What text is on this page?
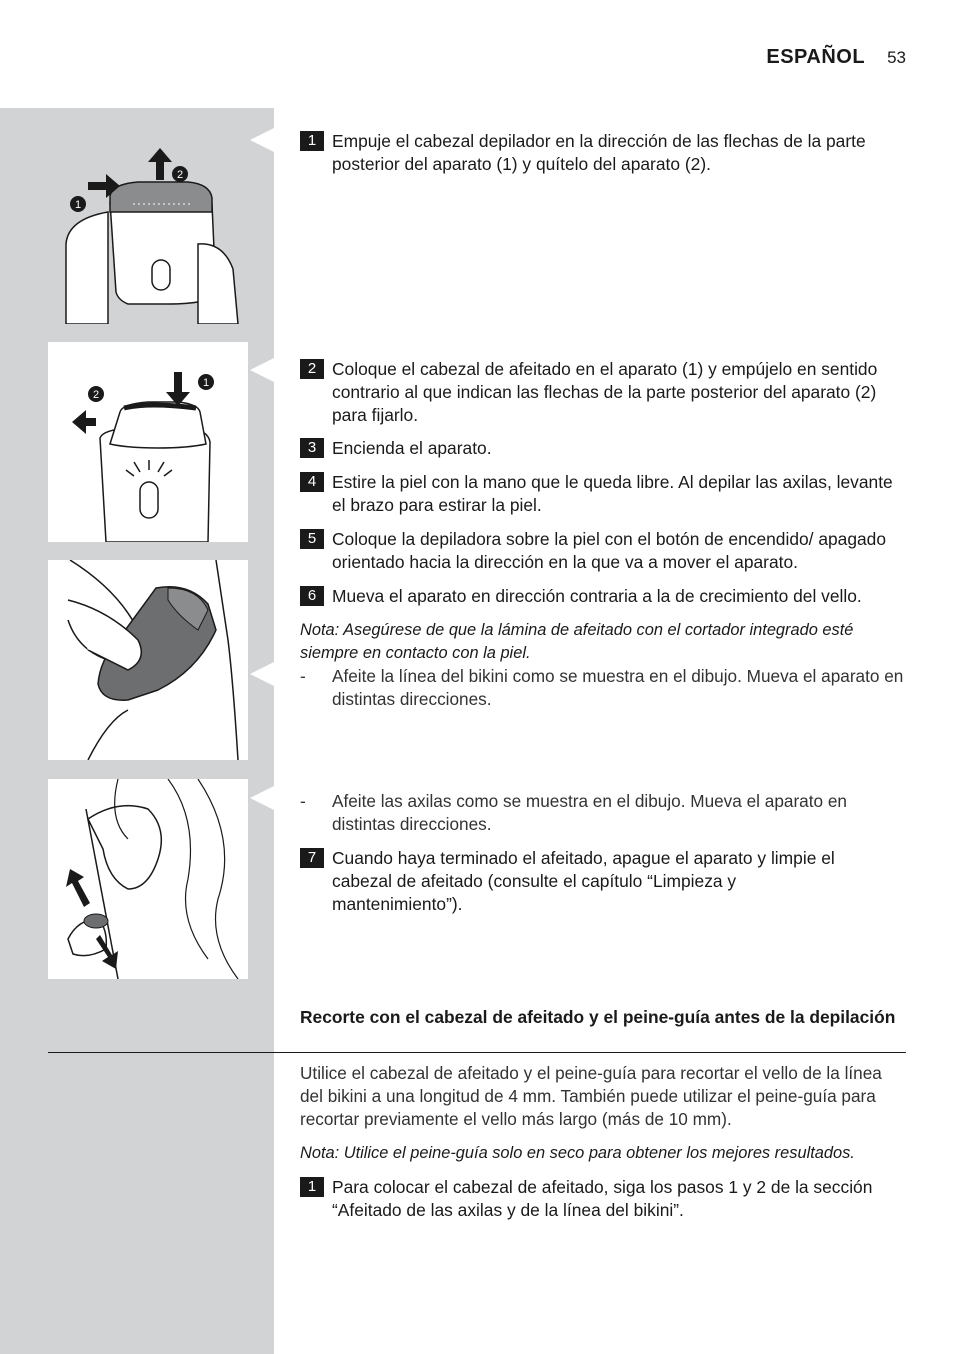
ESPAÑOL 53
1
2
1
2
1 Empuje el cabezal depilador en la dirección de las flechas de la parte posterior del aparato (1) y quítelo del aparato (2).
2 Coloque el cabezal de afeitado en el aparato (1) y empújelo en sentido contrario al que indican las flechas de la parte posterior del aparato (2) para fijarlo.
3 Encienda el aparato.
4 Estire la piel con la mano que le queda libre. Al depilar las axilas, levante el brazo para estirar la piel.
5 Coloque la depiladora sobre la piel con el botón de encendido/ apagado orientado hacia la dirección en la que va a mover el aparato.
6 Mueva el aparato en dirección contraria a la de crecimiento del vello.
Nota: Asegúrese de que la lámina de afeitado con el cortador integrado esté siempre en contacto con la piel.
- Afeite la línea del bikini como se muestra en el dibujo. Mueva el aparato en distintas direcciones.
- Afeite las axilas como se muestra en el dibujo. Mueva el aparato en distintas direcciones.
7 Cuando haya terminado el afeitado, apague el aparato y limpie el cabezal de afeitado (consulte el capítulo “Limpieza y mantenimiento”).
Recorte con el cabezal de afeitado y el peine-guía antes de la depilación
Utilice el cabezal de afeitado y el peine-guía para recortar el vello de la línea del bikini a una longitud de 4 mm. También puede utilizar el peine-guía para recortar previamente el vello más largo (más de 10 mm).
Nota: Utilice el peine-guía solo en seco para obtener los mejores resultados.
1 Para colocar el cabezal de afeitado, siga los pasos 1 y 2 de la sección “Afeitado de las axilas y de la línea del bikini”.
